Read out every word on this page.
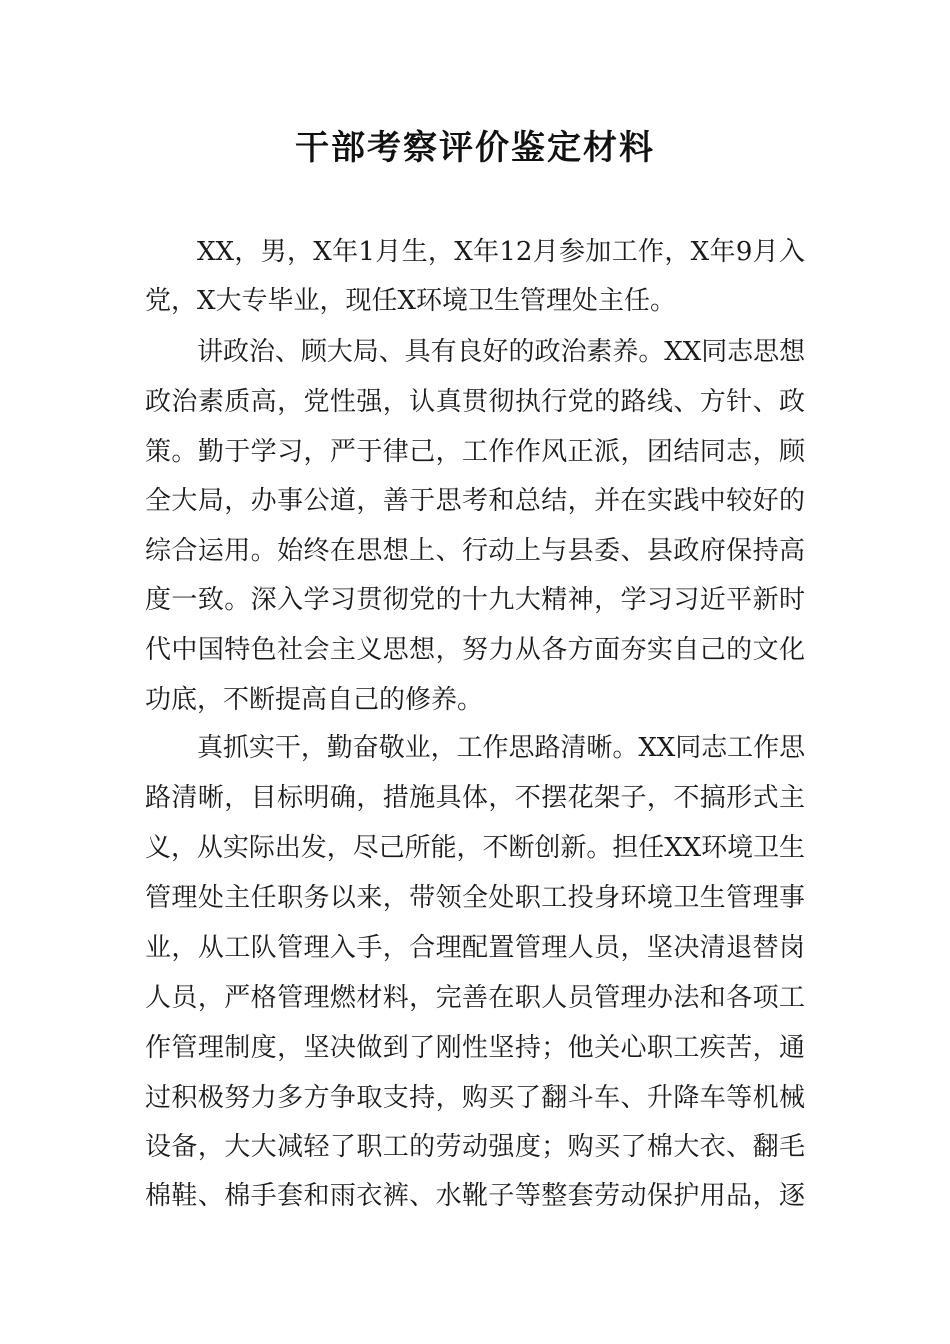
干部考察评价鉴定材料
XX，男，X年1月生，X年12月参加工作，X年9月入
党，X大专毕业，现任X环境卫生管理处主任。
讲政治、顾大局、具有良好的政治素养。XX同志思想
政治素质高，党性强，认真贯彻执行党的路线、方针、政
策。勤于学习，严于律己，工作作风正派，团结同志，顾
全大局，办事公道，善于思考和总结，并在实践中较好的
综合运用。始终在思想上、行动上与县委、县政府保持高
度一致。深入学习贯彻党的十九大精神，学习习近平新时
代中国特色社会主义思想，努力从各方面夯实自己的文化
功底，不断提高自己的修养。
真抓实干，勤奋敬业，工作思路清晰。XX同志工作思
路清晰，目标明确，措施具体，不摆花架子，不搞形式主
义，从实际出发，尽己所能，不断创新。担任XX环境卫生
管理处主任职务以来，带领全处职工投身环境卫生管理事
业，从工队管理入手，合理配置管理人员，坚决清退替岗
人员，严格管理燃材料，完善在职人员管理办法和各项工
作管理制度，坚决做到了刚性坚持；他关心职工疾苦，通
过积极努力多方争取支持，购买了翻斗车、升降车等机械
设备，大大减轻了职工的劳动强度；购买了棉大衣、翻毛
棉鞋、棉手套和雨衣裤、水靴子等整套劳动保护用品，逐
